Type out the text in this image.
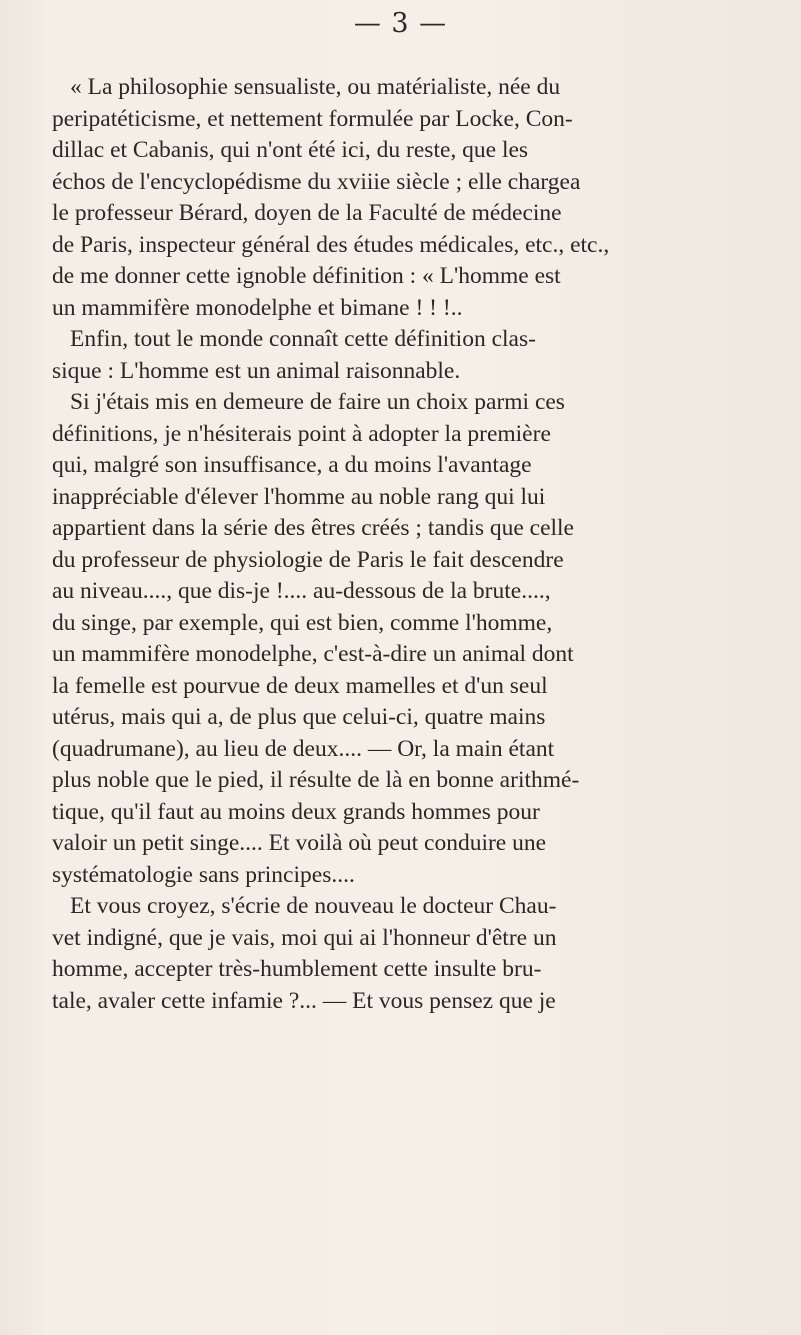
— 3 —
« La philosophie sensualiste, ou matérialiste, née du
peripatéticisme, et nettement formulée par Locke, Con-
dillac et Cabanis, qui n'ont été ici, du reste, que les
échos de l'encyclopédisme du xviiie siècle ; elle chargea
le professeur Bérard, doyen de la Faculté de médecine
de Paris, inspecteur général des études médicales, etc., etc.,
de me donner cette ignoble définition : « L'homme est
un mammifère monodelphe et bimane ! ! !..
Enfin, tout le monde connaît cette définition clas-
sique : L'homme est un animal raisonnable.
Si j'étais mis en demeure de faire un choix parmi ces
définitions, je n'hésiterais point à adopter la première
qui, malgré son insuffisance, a du moins l'avantage
inappréciable d'élever l'homme au noble rang qui lui
appartient dans la série des êtres créés ; tandis que celle
du professeur de physiologie de Paris le fait descendre
au niveau...., que dis-je !.... au-dessous de la brute....,
du singe, par exemple, qui est bien, comme l'homme,
un mammifère monodelphe, c'est-à-dire un animal dont
la femelle est pourvue de deux mamelles et d'un seul
utérus, mais qui a, de plus que celui-ci, quatre mains
(quadrumane), au lieu de deux.... — Or, la main étant
plus noble que le pied, il résulte de là en bonne arithmé-
tique, qu'il faut au moins deux grands hommes pour
valoir un petit singe.... Et voilà où peut conduire une
systématologie sans principes....
Et vous croyez, s'écrie de nouveau le docteur Chau-
vet indigné, que je vais, moi qui ai l'honneur d'être un
homme, accepter très-humblement cette insulte bru-
tale, avaler cette infamie ?... — Et vous pensez que je
